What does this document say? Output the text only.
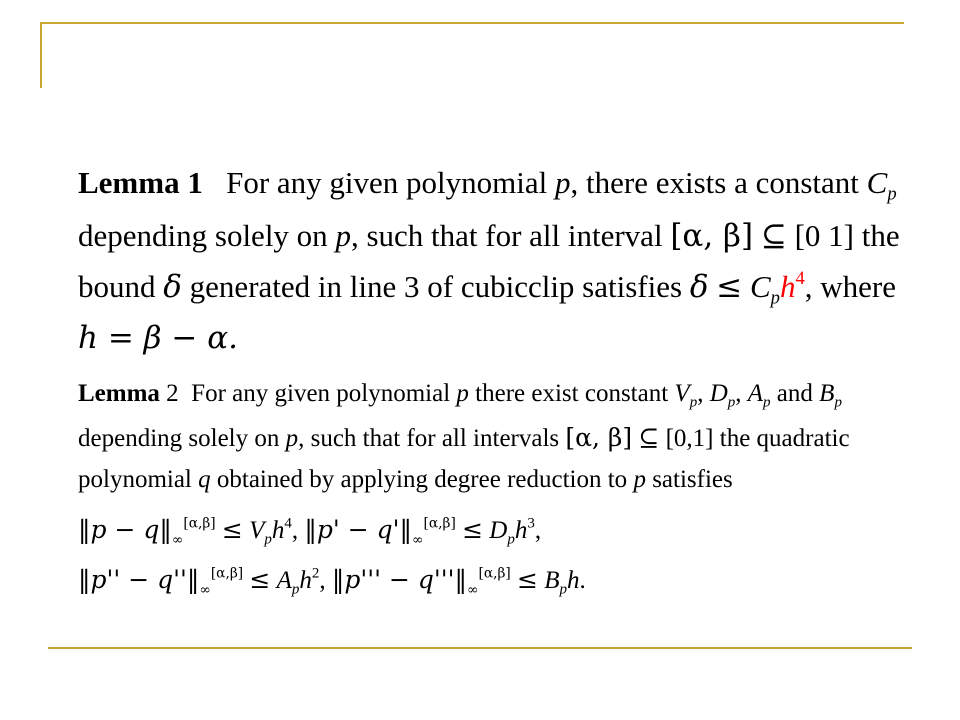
Lemma 1 For any given polynomial p, there exists a constant $C_p$
depending solely on p, such that for all interval [α, β] ⊆ [0 1] the
bound δ generated in line 3 of cubicclip satisfies $\delta \le C_ph^4$, where
h = β − α.
Lemma 2 For any given polynomial p there exist constant $V_p$, $D_p$, $A_p$ and $B_p$
depending solely on p, such that for all intervals [α, β] ⊆ [0,1] the quadratic
polynomial q obtained by applying degree reduction to p satisfies
‖p − $q‖_\infty[\alpha,\beta] \le V_ph^4$, ‖p' − $q'‖_\infty[\alpha,\beta] \le D_ph^3$,
‖p'' − $q''‖_\infty[\alpha,\beta] \le A_ph^2$, ‖p''' − $q'''‖_\infty[\alpha,\beta] \le B_ph$.
